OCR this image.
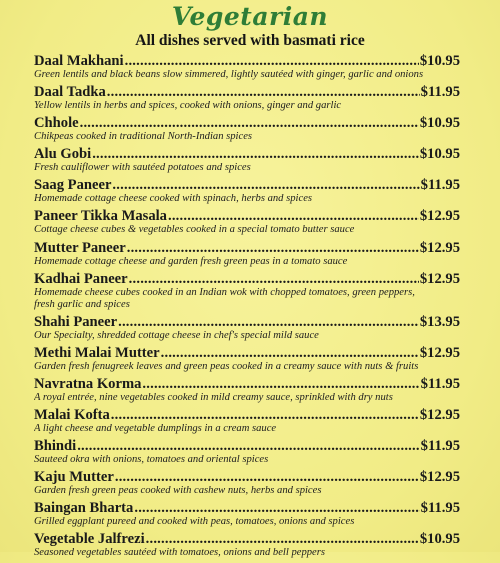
Vegetarian

All dishes served with basmati rice

Daal Makhani .....	$10.95
Green lentils and black beans slow simmered, lightly sautéed with ginger, garlic and onions
Daal Tadka .....	$11.95
Yellow lentils in herbs and spices, cooked with onions, ginger and garlic
Chhole .....	$10.95
Chikpeas cooked in traditional North-Indian spices
Alu Gobi .....	$10.95
Fresh cauliflower with sautéed potatoes and spices
Saag Paneer .....	$11.95
Homemade cottage cheese cooked with spinach, herbs and spices
Paneer Tikka Masala .....	$12.95
Cottage cheese cubes & vegetables cooked in a special tomato butter sauce
Mutter Paneer .....	$12.95
Homemade cottage cheese and garden fresh green peas in a tomato sauce
Kadhai Paneer .....	$12.95
Homemade cheese cubes cooked in an Indian wok with chopped tomatoes, green peppers,
fresh garlic and spices
Shahi Paneer .....	$13.95
Our Specialty, shredded cottage cheese in chef's special mild sauce
Methi Malai Mutter .....	$12.95
Garden fresh fenugreek leaves and green peas cooked in a creamy sauce with nuts & fruits
Navratna Korma .....	$11.95
A royal entrée, nine vegetables cooked in mild creamy sauce, sprinkled with dry nuts
Malai Kofta .....	$12.95
A light cheese and vegetable dumplings in a cream sauce
Bhindi .....	$11.95
Sauteed okra with onions, tomatoes and oriental spices
Kaju Mutter .....	$12.95
Garden fresh green peas cooked with cashew nuts, herbs and spices
Baingan Bharta .....	$11.95
Grilled eggplant pureed and cooked with peas, tomatoes, onions and spices
Vegetable Jalfrezi .....	$10.95
Seasoned vegetables sautéed with tomatoes, onions and bell peppers
